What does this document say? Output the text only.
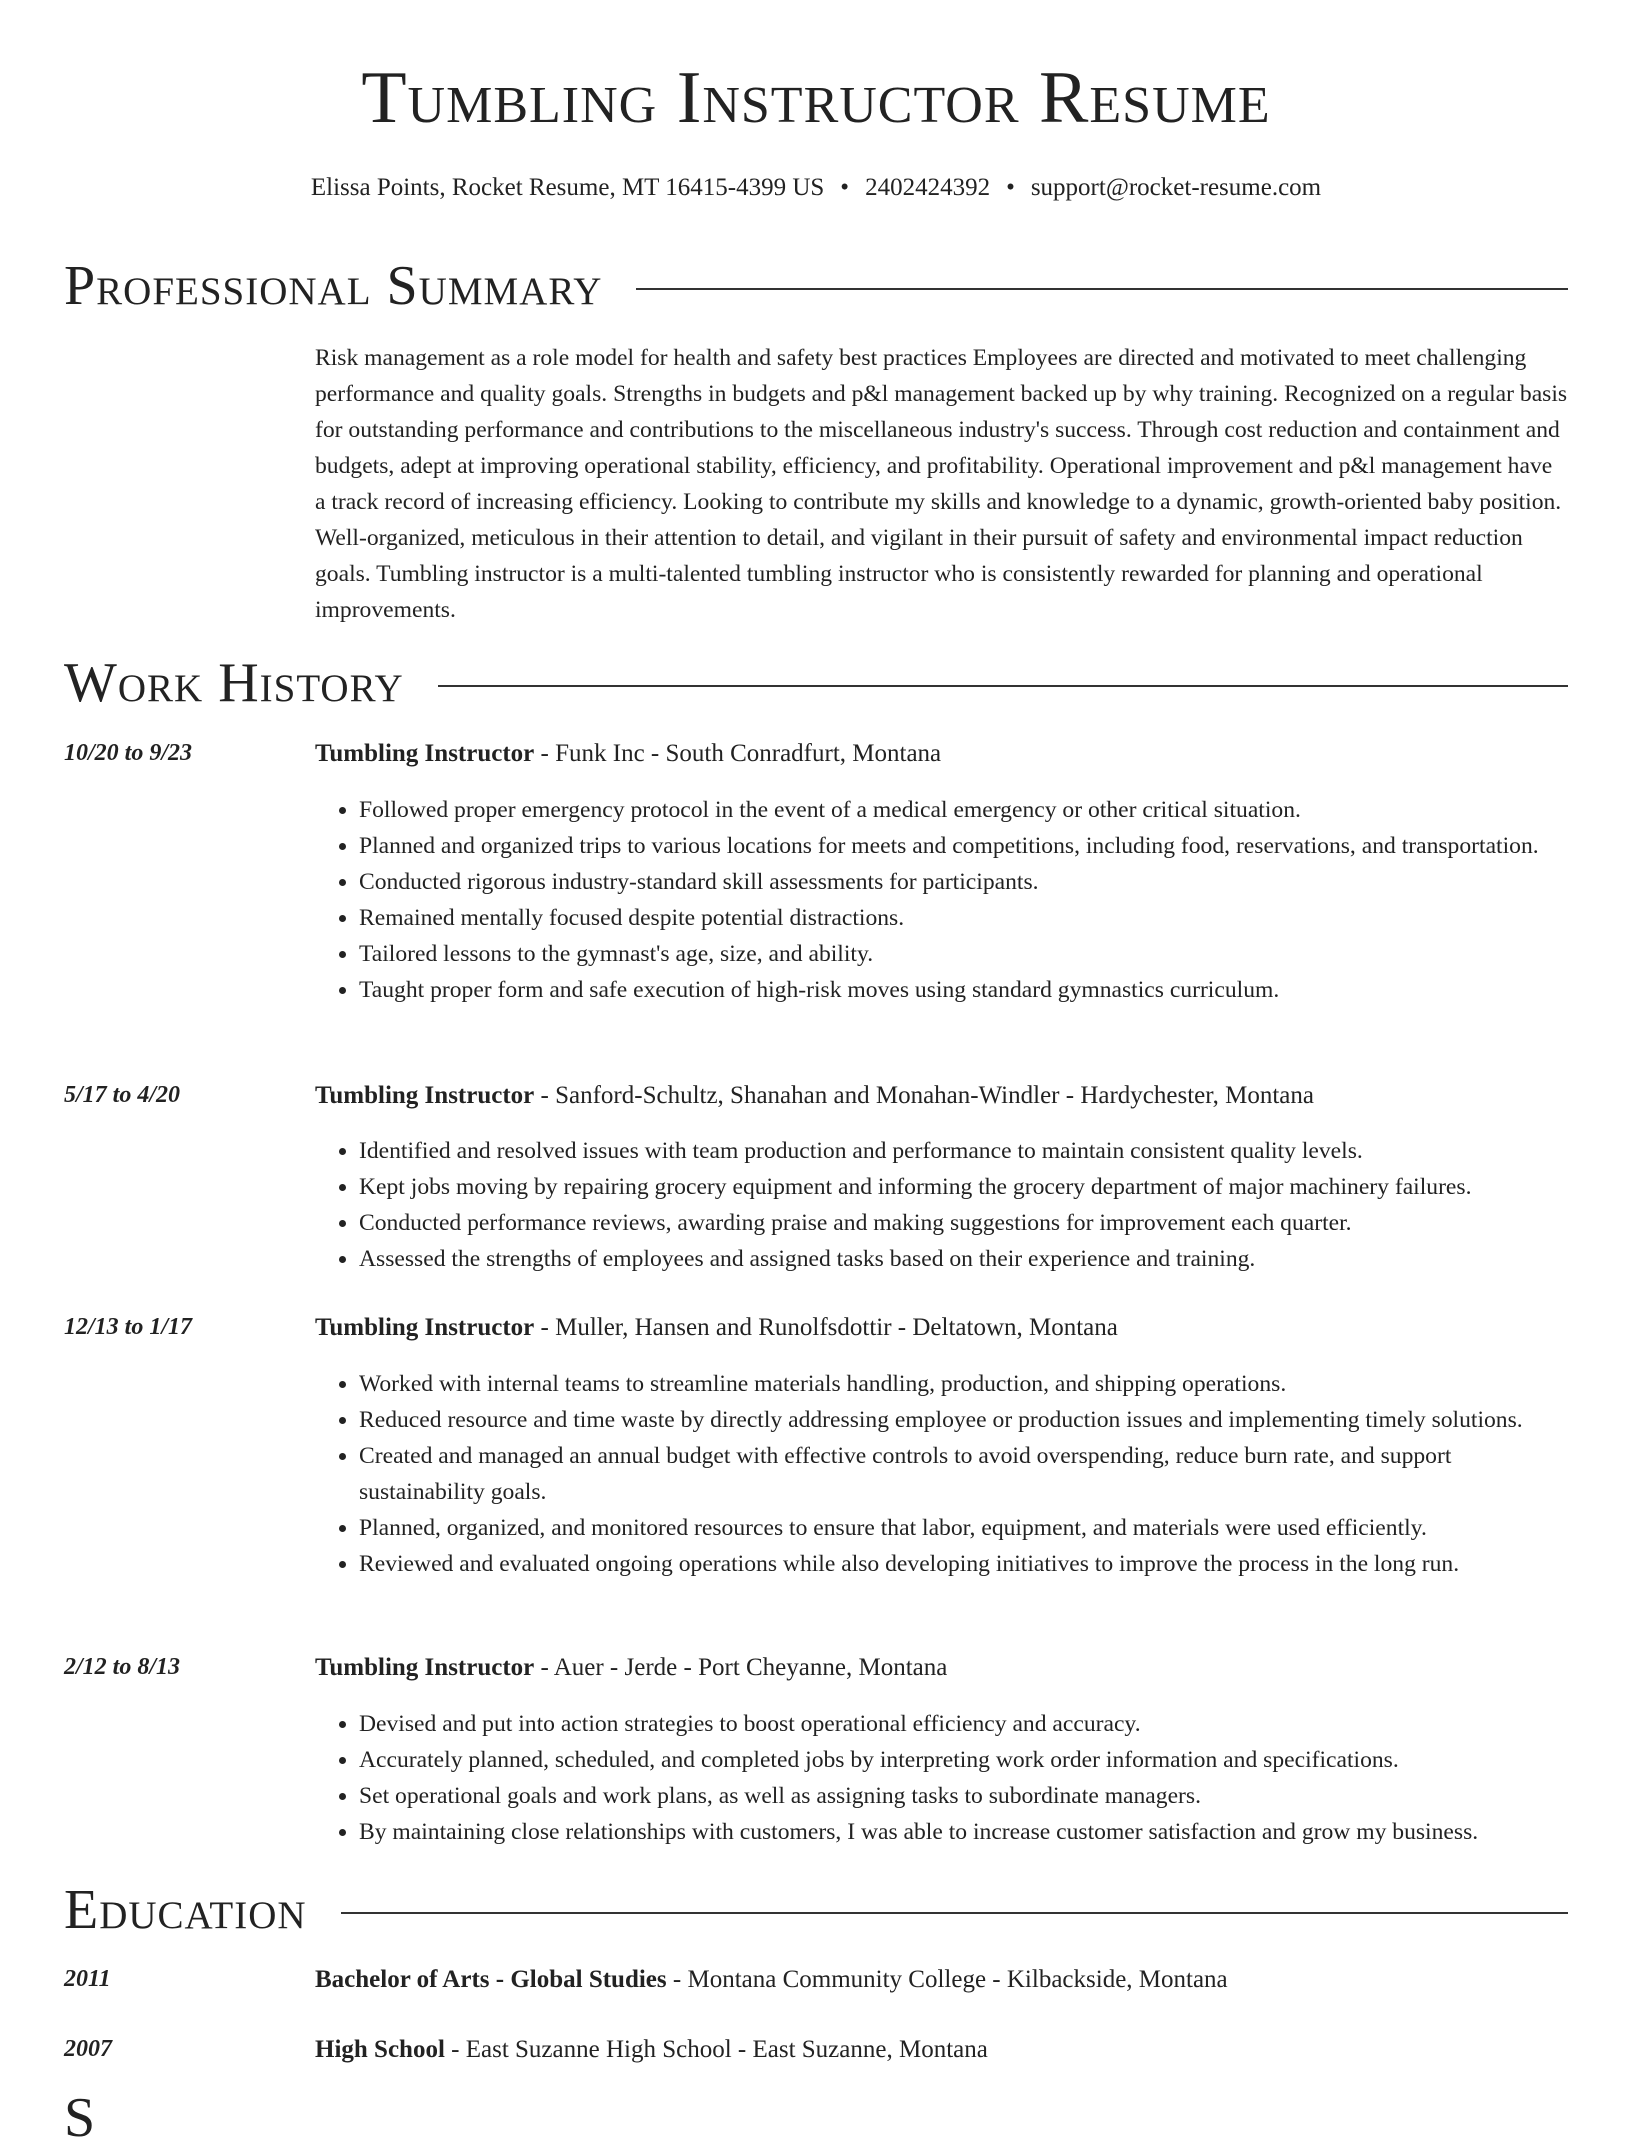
Tumbling Instructor Resume
Elissa Points, Rocket Resume, MT 16415-4399 US • 2402424392 • support@rocket-resume.com
Professional Summary
Risk management as a role model for health and safety best practices Employees are directed and motivated to meet challenging performance and quality goals. Strengths in budgets and p&l management backed up by why training. Recognized on a regular basis for outstanding performance and contributions to the miscellaneous industry's success. Through cost reduction and containment and budgets, adept at improving operational stability, efficiency, and profitability. Operational improvement and p&l management have a track record of increasing efficiency. Looking to contribute my skills and knowledge to a dynamic, growth-oriented baby position. Well-organized, meticulous in their attention to detail, and vigilant in their pursuit of safety and environmental impact reduction goals. Tumbling instructor is a multi-talented tumbling instructor who is consistently rewarded for planning and operational improvements.
Work History
10/20 to 9/23	Tumbling Instructor - Funk Inc - South Conradfurt, Montana
• Followed proper emergency protocol in the event of a medical emergency or other critical situation.
• Planned and organized trips to various locations for meets and competitions, including food, reservations, and transportation.
• Conducted rigorous industry-standard skill assessments for participants.
• Remained mentally focused despite potential distractions.
• Tailored lessons to the gymnast's age, size, and ability.
• Taught proper form and safe execution of high-risk moves using standard gymnastics curriculum.
5/17 to 4/20	Tumbling Instructor - Sanford-Schultz, Shanahan and Monahan-Windler - Hardychester, Montana
• Identified and resolved issues with team production and performance to maintain consistent quality levels.
• Kept jobs moving by repairing grocery equipment and informing the grocery department of major machinery failures.
• Conducted performance reviews, awarding praise and making suggestions for improvement each quarter.
• Assessed the strengths of employees and assigned tasks based on their experience and training.
12/13 to 1/17	Tumbling Instructor - Muller, Hansen and Runolfsdottir - Deltatown, Montana
• Worked with internal teams to streamline materials handling, production, and shipping operations.
• Reduced resource and time waste by directly addressing employee or production issues and implementing timely solutions.
• Created and managed an annual budget with effective controls to avoid overspending, reduce burn rate, and support sustainability goals.
• Planned, organized, and monitored resources to ensure that labor, equipment, and materials were used efficiently.
• Reviewed and evaluated ongoing operations while also developing initiatives to improve the process in the long run.
2/12 to 8/13	Tumbling Instructor - Auer - Jerde - Port Cheyanne, Montana
• Devised and put into action strategies to boost operational efficiency and accuracy.
• Accurately planned, scheduled, and completed jobs by interpreting work order information and specifications.
• Set operational goals and work plans, as well as assigning tasks to subordinate managers.
• By maintaining close relationships with customers, I was able to increase customer satisfaction and grow my business.
Education
2011	Bachelor of Arts - Global Studies - Montana Community College - Kilbackside, Montana
2007	High School - East Suzanne High School - East Suzanne, Montana
S
